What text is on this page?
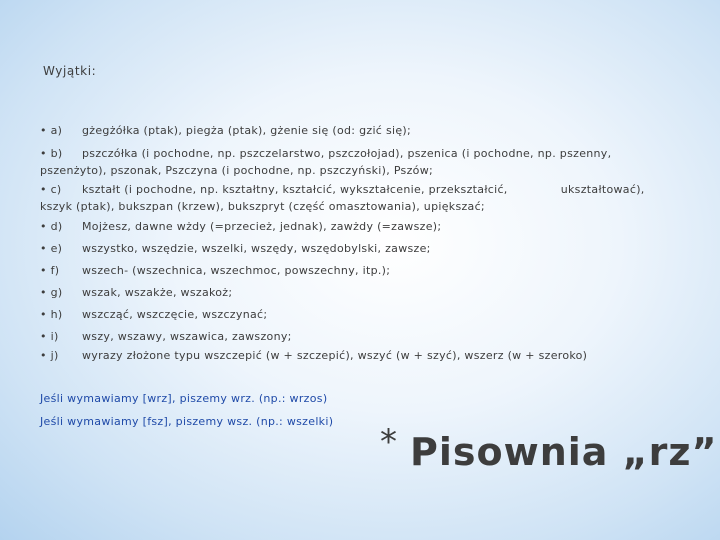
Wyjątki:
• a) gżegżółka (ptak), piegża (ptak), gżenie się (od: gzić się);
• b) pszczółka (i pochodne, np. pszczelarstwo, pszczołojad), pszenica (i pochodne, np. pszenny, pszenżyto), pszonak, Pszczyna (i pochodne, np. pszczyński), Pszów;
• c) kształt (i pochodne, np. kształtny, kształcić, wykształcenie, przekształcić,              ukształtować), kszyk (ptak), bukszpan (krzew), bukszpryt (część omasztowania), upiększać;
• d) Mojżesz, dawne wżdy (=przecież, jednak), zawżdy (=zawsze);
• e) wszystko, wszędzie, wszelki, wszędy, wszędobylski, zawsze;
• f) wszech- (wszechnica, wszechmoc, powszechny, itp.);
• g) wszak, wszakże, wszakoż;
• h) wszcząć, wszczęcie, wszczynać;
• i) wszy, wszawy, wszawica, zawszony;
• j) wyrazy złożone typu wszczepić (w + szczepić), wszyć (w + szyć), wszerz (w + szeroko)
Jeśli wymawiamy [wrz], piszemy wrz. (np.: wrzos)
Jeśli wymawiamy [fsz], piszemy wsz. (np.: wszelki)
* Pisownia „rz”
